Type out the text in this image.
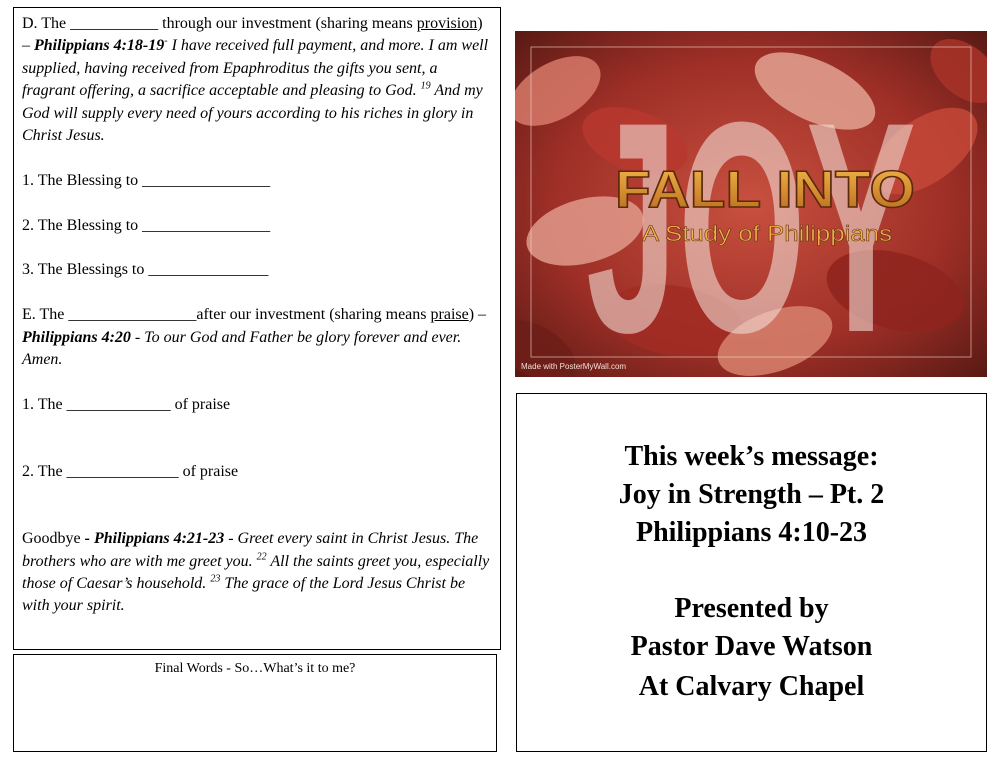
D. The ___________ through our investment (sharing means provision) – Philippians 4:18-19- I have received full payment, and more. I am well supplied, having received from Epaphroditus the gifts you sent, a fragrant offering, a sacrifice acceptable and pleasing to God. $^{19}$ And my God will supply every need of yours according to his riches in glory in Christ Jesus.

1. The Blessing to ________________

2. The Blessing to ________________

3. The Blessings to _______________

E. The ________________after our investment (sharing means praise) – Philippians 4:20 - To our God and Father be glory forever and ever. Amen.

1. The _____________ of praise

2. The ______________ of praise

Goodbye - Philippians 4:21-23 - Greet every saint in Christ Jesus. The brothers who are with me greet you. $^{22}$ All the saints greet you, especially those of Caesar’s household. $^{23}$ The grace of the Lord Jesus Christ be with your spirit.

Final Words - So…What’s it to me?
JOY
FALL INTO
A Study of Philippians
Made with PosterMyWall.com
This week’s message:
Joy in Strength – Pt. 2
Philippians 4:10-23
Presented by
Pastor Dave Watson
At Calvary Chapel
